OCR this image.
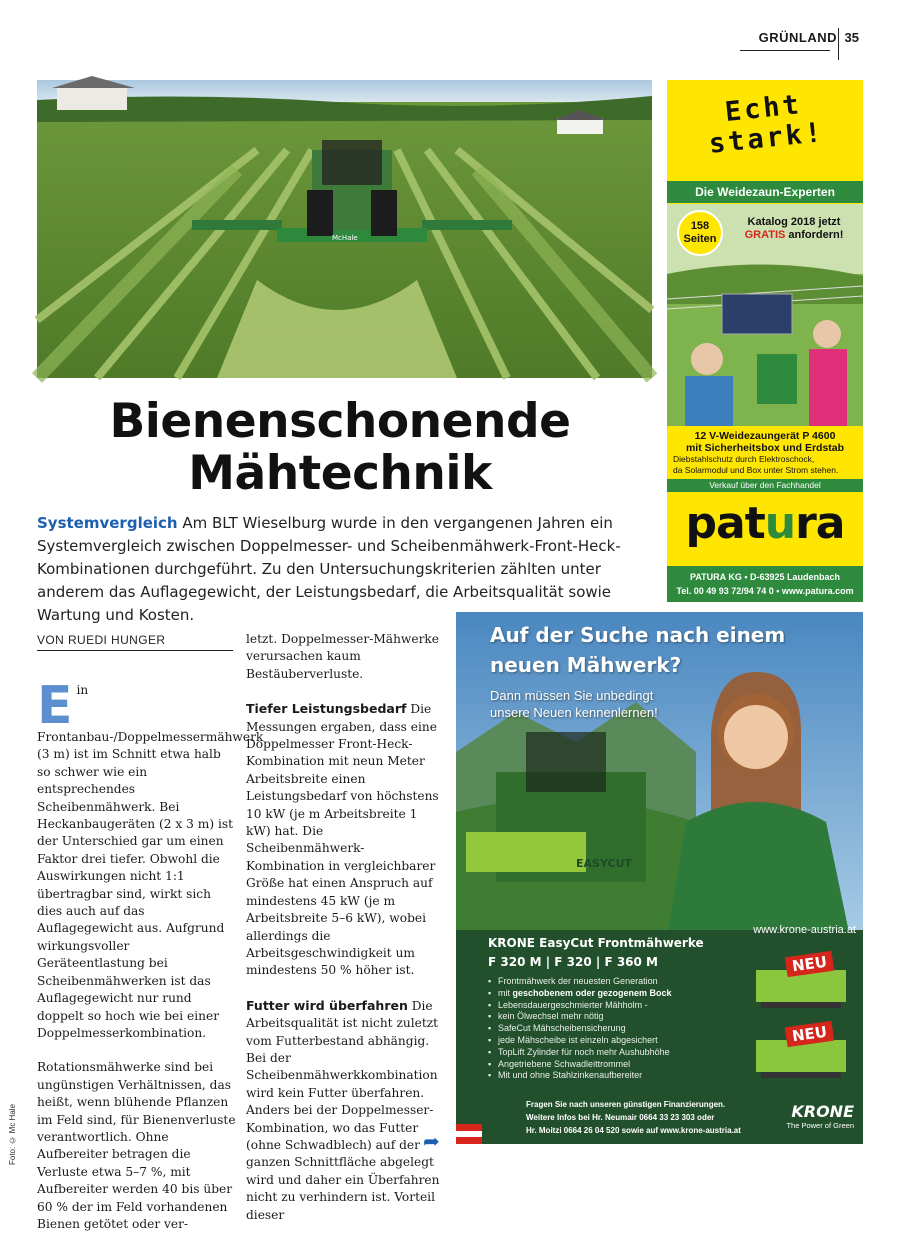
GRÜNLAND 35
McHale
Foto: © Mc Hale
Bienenschonende
Mähtechnik

Systemvergleich Am BLT Wieselburg wurde in den vergangenen Jahren ein Systemvergleich zwischen Doppelmesser- und Scheibenmähwerk-Front-Heck-Kombinationen durchgeführt. Zu den Untersuchungskriterien zählten unter anderem das Auflagegewicht, der Leistungsbedarf, die Arbeitsqualität sowie Wartung und Kosten.

VON RUEDI HUNGER

Ein Frontanbau-/Doppelmessermähwerk (3 m) ist im Schnitt etwa halb so schwer wie ein entsprechendes Scheibenmähwerk. Bei Heckanbaugeräten (2 x 3 m) ist der Unterschied gar um einen Faktor drei tiefer. Obwohl die Auswirkungen nicht 1:1 übertragbar sind, wirkt sich dies auch auf das Auflagegewicht aus. Aufgrund wirkungsvoller Geräteentlastung bei Scheibenmähwerken ist das Auflagegewicht nur rund doppelt so hoch wie bei einer Doppelmesserkombination.

Rotationsmähwerke sind bei ungünstigen Verhältnissen, das heißt, wenn blühende Pflanzen im Feld sind, für Bienenverluste verantwortlich. Ohne Aufbereiter betragen die Verluste etwa 5–7 %, mit Aufbereiter werden 40 bis über 60 % der im Feld vorhandenen Bienen getötet oder ver-

letzt. Doppelmesser-Mähwerke verursachen kaum Bestäuberverluste.

Tiefer Leistungsbedarf Die Messungen ergaben, dass eine Doppelmesser Front-Heck-Kombination mit neun Meter Arbeitsbreite einen Leistungsbedarf von höchstens 10 kW (je m Arbeitsbreite 1 kW) hat. Die Scheibenmähwerk-Kombination in vergleichbarer Größe hat einen Anspruch auf mindestens 45 kW (je m Arbeitsbreite 5–6 kW), wobei allerdings die Arbeitsgeschwindigkeit um mindestens 50 % höher ist.

Futter wird überfahren Die Arbeitsqualität ist nicht zuletzt vom Futterbestand abhängig. Bei der Scheibenmähwerkkombination wird kein Futter überfahren. Anders bei der Doppelmesser-Kombination, wo das Futter (ohne Schwadblech) auf der ganzen Schnittfläche abgelegt wird und daher ein Überfahren nicht zu verhindern ist. Vorteil dieser

➦
Echt
stark!
Die Weidezaun-Experten
158
Seiten
Katalog 2018 jetzt
GRATIS anfordern!
12 V-Weidezaungerät P 4600
mit Sicherheitsbox und Erdstab
Diebstahlschutz durch Elektroschock,
da Solarmodul und Box unter Strom stehen.
Verkauf über den Fachhandel
patura
PATURA KG • D-63925 Laudenbach
Tel. 00 49 93 72/94 74 0 • www.patura.com
EASYCUT
Auf der Suche nach einem
neuen Mähwerk?
Dann müssen Sie unbedingt
unsere Neuen kennenlernen!
www.krone-austria.at
KRONE EasyCut Frontmähwerke
F 320 M | F 320 | F 360 M
▪ Frontmähwerk der neuesten Generation
▪ mit geschobenem oder gezogenem Bock
▪ Lebensdauergeschmierter Mähholm -
▪ kein Ölwechsel mehr nötig
▪ SafeCut Mähscheibensicherung
▪ jede Mähscheibe ist einzeln abgesichert
▪ TopLift Zylinder für noch mehr Aushubhöhe
▪ Angetriebene Schwadleittrommel
▪ Mit und ohne Stahlzinkenaufbereiter
NEU
NEU
Fragen Sie nach unseren günstigen Finanzierungen.
Weitere Infos bei Hr. Neumair 0664 33 23 303 oder
Hr. Moitzi 0664 26 04 520 sowie auf www.krone-austria.at
KRONE
The Power of Green
